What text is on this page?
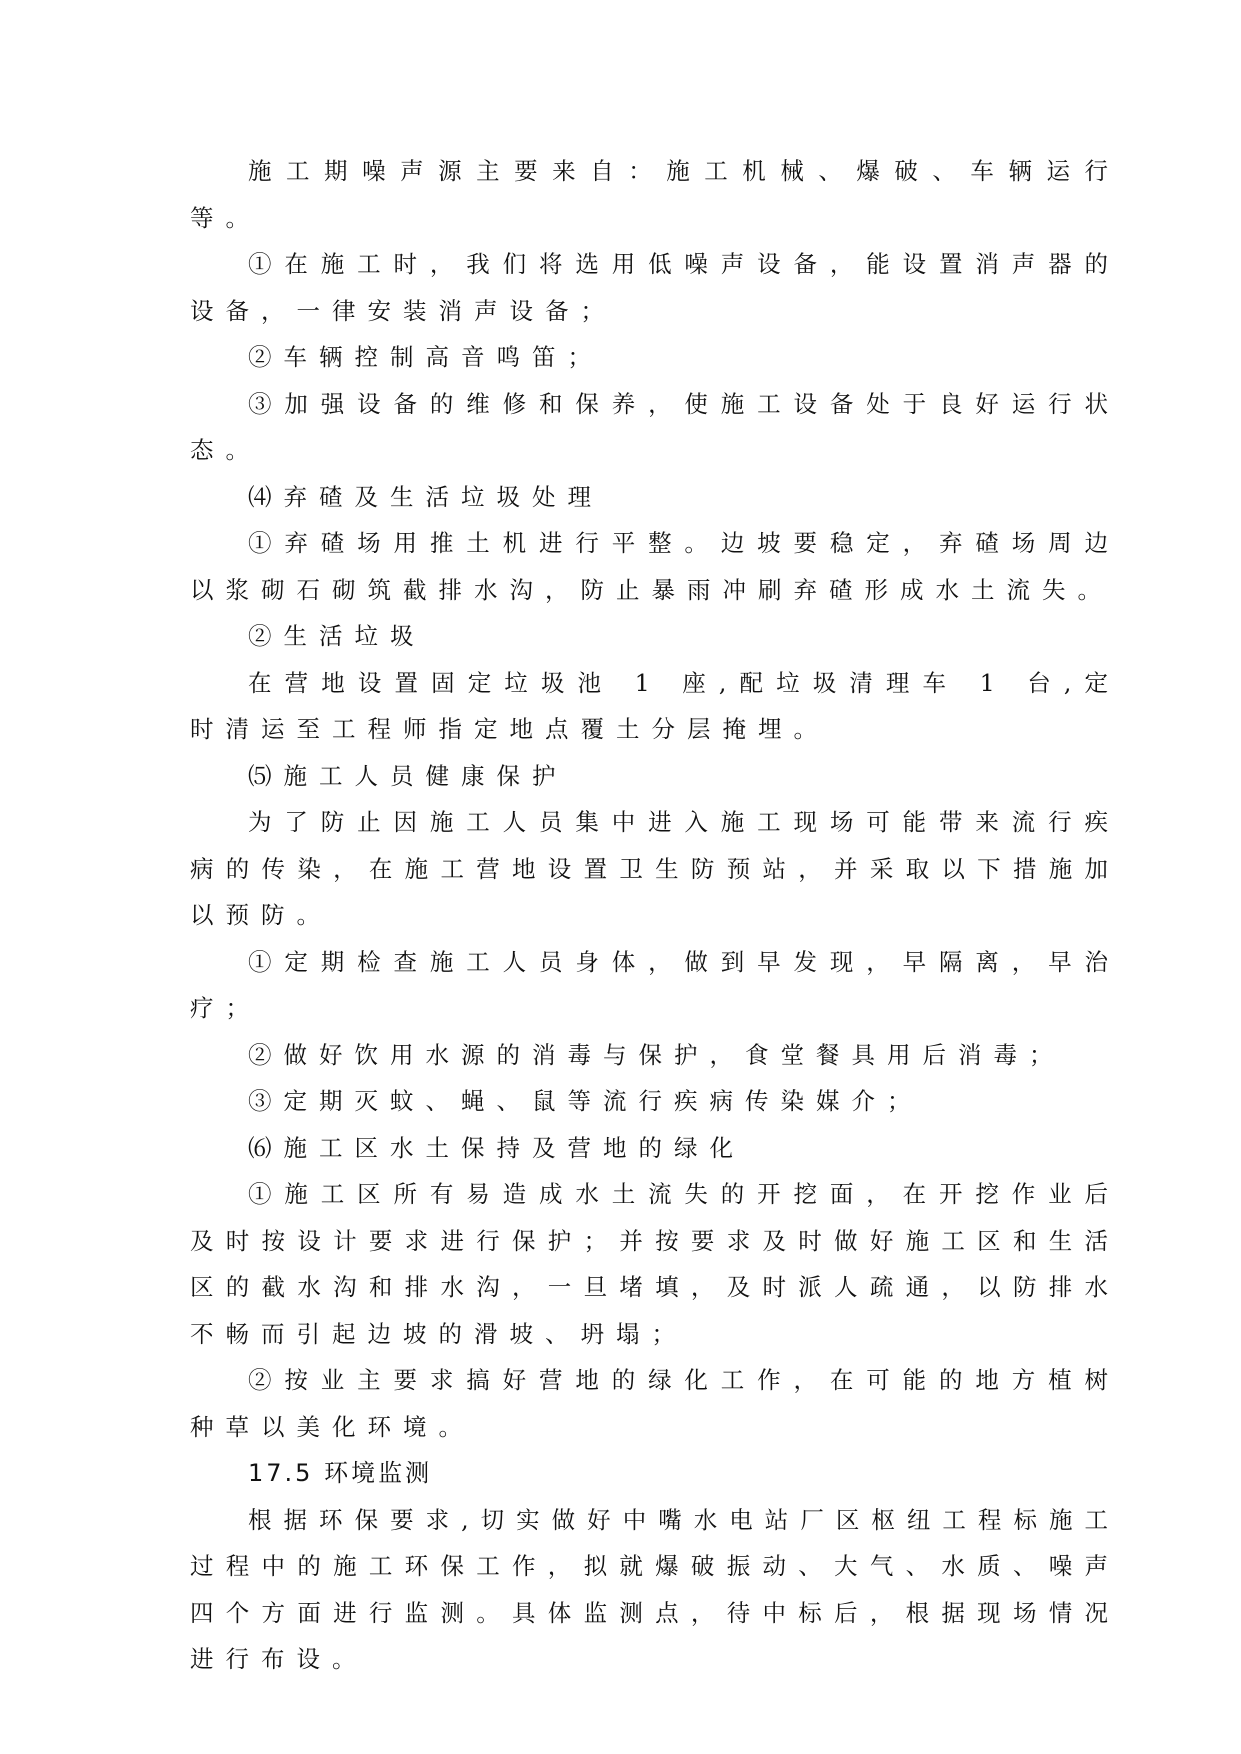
施工期噪声源主要来自：施工机械、爆破、车辆运行等。

①在施工时，我们将选用低噪声设备，能设置消声器的设备，一律安装消声设备；

②车辆控制高音鸣笛；

③加强设备的维修和保养，使施工设备处于良好运行状态。

⑷弃碴及生活垃圾处理

①弃碴场用推土机进行平整。边坡要稳定，弃碴场周边以浆砌石砌筑截排水沟，防止暴雨冲刷弃碴形成水土流失。

②生活垃圾

在营地设置固定垃圾池 1 座,配垃圾清理车 1 台,定时清运至工程师指定地点覆土分层掩埋。

⑸施工人员健康保护

为了防止因施工人员集中进入施工现场可能带来流行疾病的传染，在施工营地设置卫生防预站，并采取以下措施加以预防。

①定期检查施工人员身体，做到早发现，早隔离，早治疗；

②做好饮用水源的消毒与保护，食堂餐具用后消毒；

③定期灭蚊、蝇、鼠等流行疾病传染媒介；

⑹施工区水土保持及营地的绿化

①施工区所有易造成水土流失的开挖面，在开挖作业后及时按设计要求进行保护；并按要求及时做好施工区和生活区的截水沟和排水沟，一旦堵填，及时派人疏通，以防排水不畅而引起边坡的滑坡、坍塌；

②按业主要求搞好营地的绿化工作，在可能的地方植树种草以美化环境。

17.5 环境监测

根据环保要求,切实做好中嘴水电站厂区枢纽工程标施工过程中的施工环保工作，拟就爆破振动、大气、水质、噪声四个方面进行监测。具体监测点，待中标后，根据现场情况进行布设。
